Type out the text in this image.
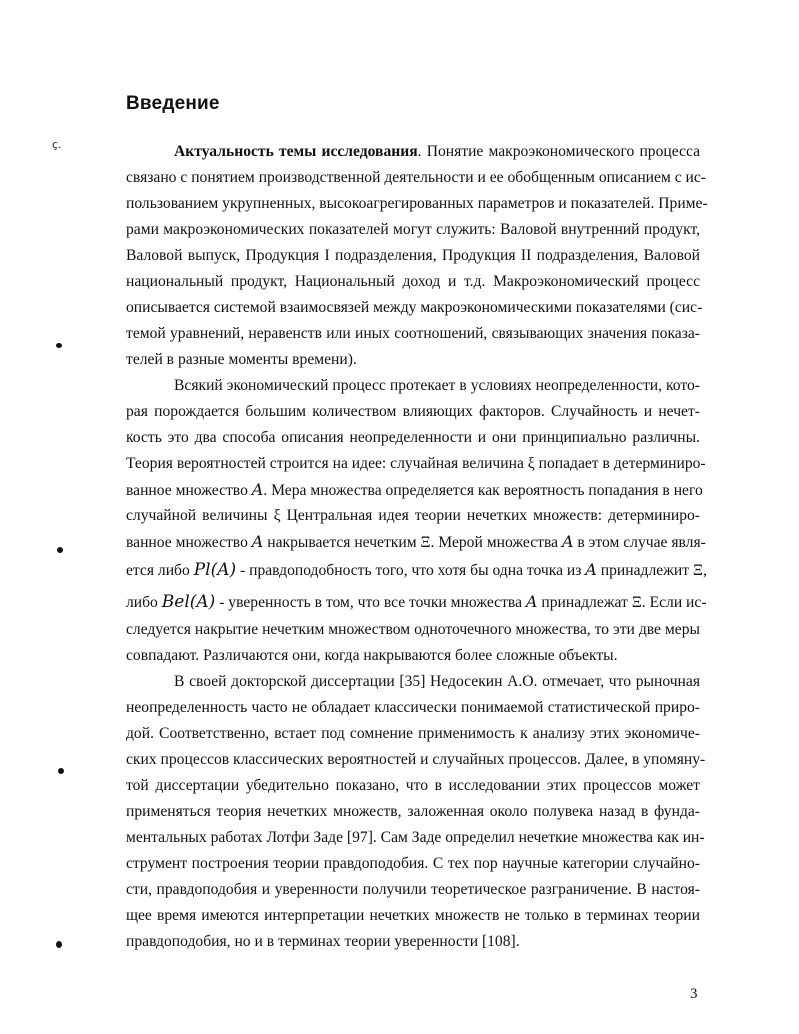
Введение
ç.	Актуальность темы исследования. Понятие макроэкономического процесса
связано с понятием производственной деятельности и ее обобщенным описанием с ис-
пользованием укрупненных, высокоагрегированных параметров и показателей. Приме-
рами макроэкономических показателей могут служить: Валовой внутренний продукт,
Валовой выпуск, Продукция I подразделения, Продукция II подразделения, Валовой
национальный продукт, Национальный доход и т.д. Макроэкономический процесс
описывается системой взаимосвязей между макроэкономическими показателями (сис-
темой уравнений, неравенств или иных соотношений, связывающих значения показа-
телей в разные моменты времени).
Всякий экономический процесс протекает в условиях неопределенности, кото-
рая порождается большим количеством влияющих факторов. Случайность и нечет-
кость это два способа описания неопределенности и они принципиально различны.
Теория вероятностей строится на идее: случайная величина ξ попадает в детерминиро-
ванное множество A. Мера множества определяется как вероятность попадания в него
случайной величины ξ Центральная идея теории нечетких множеств: детерминиро-
ванное множество A накрывается нечетким Ξ. Мерой множества A в этом случае явля-
ется либо Pl(A) - правдоподобность того, что хотя бы одна точка из A принадлежит Ξ,
либо Bel(A) - уверенность в том, что все точки множества A принадлежат Ξ. Если ис-
следуется накрытие нечетким множеством одноточечного множества, то эти две меры
совпадают. Различаются они, когда накрываются более сложные объекты.
В своей докторской диссертации [35] Недосекин А.О. отмечает, что рыночная
неопределенность часто не обладает классически понимаемой статистической приро-
дой. Соответственно, встает под сомнение применимость к анализу этих экономиче-
ских процессов классических вероятностей и случайных процессов. Далее, в упомяну-
той диссертации убедительно показано, что в исследовании этих процессов может
применяться теория нечетких множеств, заложенная около полувека назад в фунда-
ментальных работах Лотфи Заде [97]. Сам Заде определил нечеткие множества как ин-
струмент построения теории правдоподобия. С тех пор научные категории случайно-
сти, правдоподобия и уверенности получили теоретическое разграничение. В настоя-
щее время имеются интерпретации нечетких множеств не только в терминах теории
правдоподобия, но и в терминах теории уверенности [108].
3
